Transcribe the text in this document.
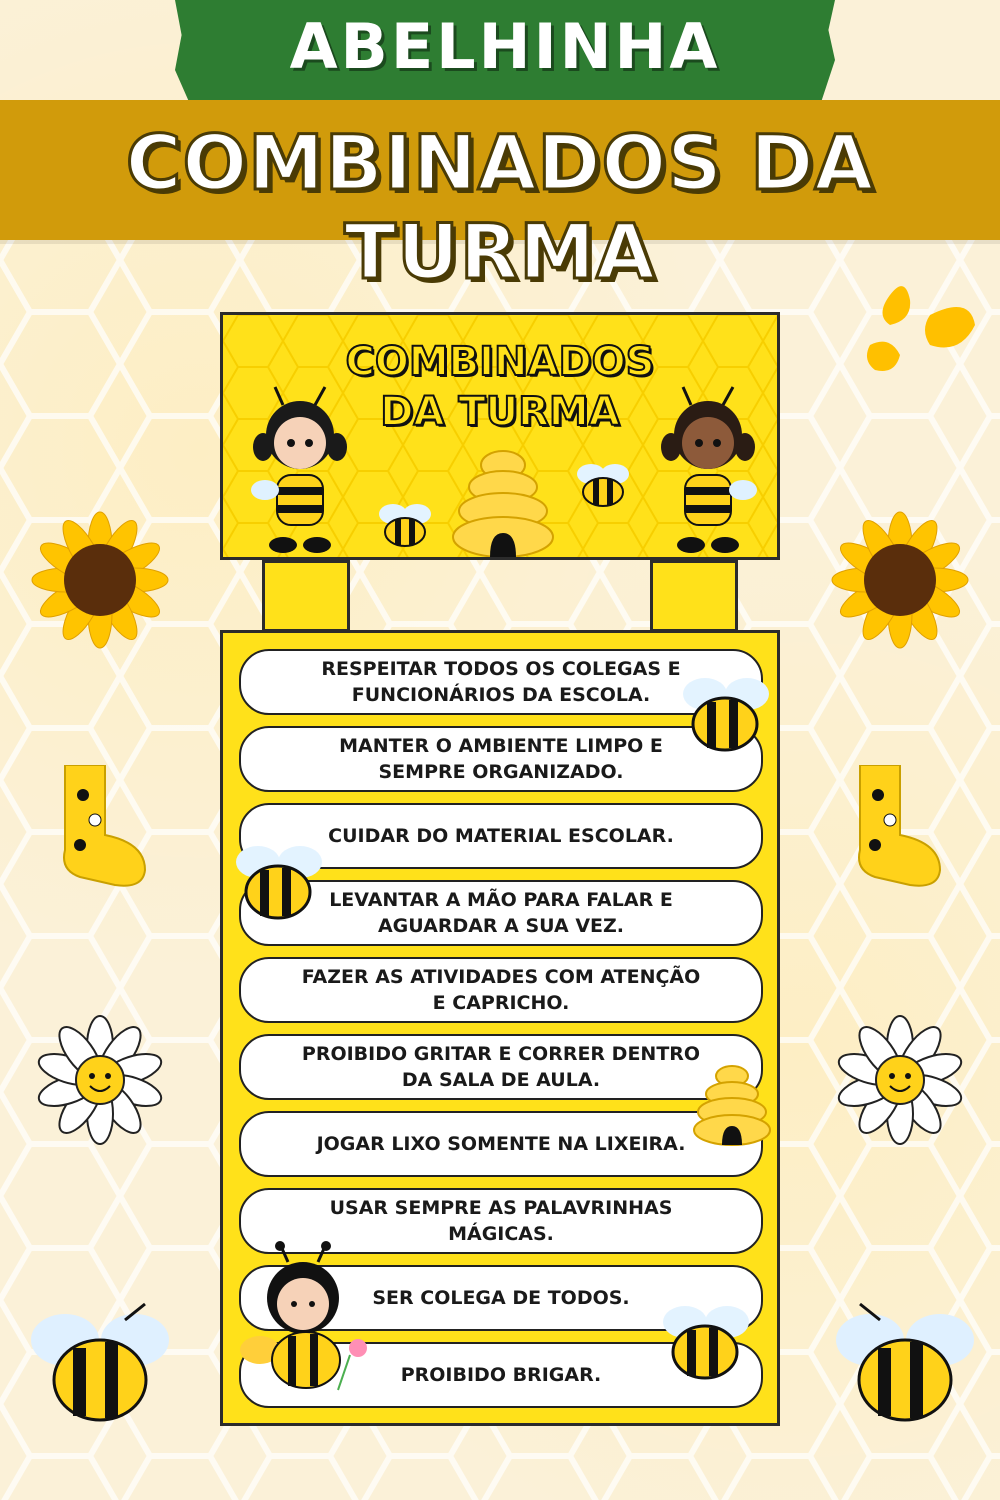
ABELHINHA
COMBINADOS DA TURMA
COMBINADOS
DA TURMA
RESPEITAR TODOS OS COLEGAS E
FUNCIONÁRIOS DA ESCOLA.
MANTER O AMBIENTE LIMPO E
SEMPRE ORGANIZADO.
CUIDAR DO MATERIAL ESCOLAR.
LEVANTAR A MÃO PARA FALAR E
AGUARDAR A SUA VEZ.
FAZER AS ATIVIDADES COM ATENÇÃO
E CAPRICHO.
PROIBIDO GRITAR E CORRER DENTRO
DA SALA DE AULA.
JOGAR LIXO SOMENTE NA LIXEIRA.
USAR SEMPRE AS PALAVRINHAS
MÁGICAS.
SER COLEGA DE TODOS.
PROIBIDO BRIGAR.
